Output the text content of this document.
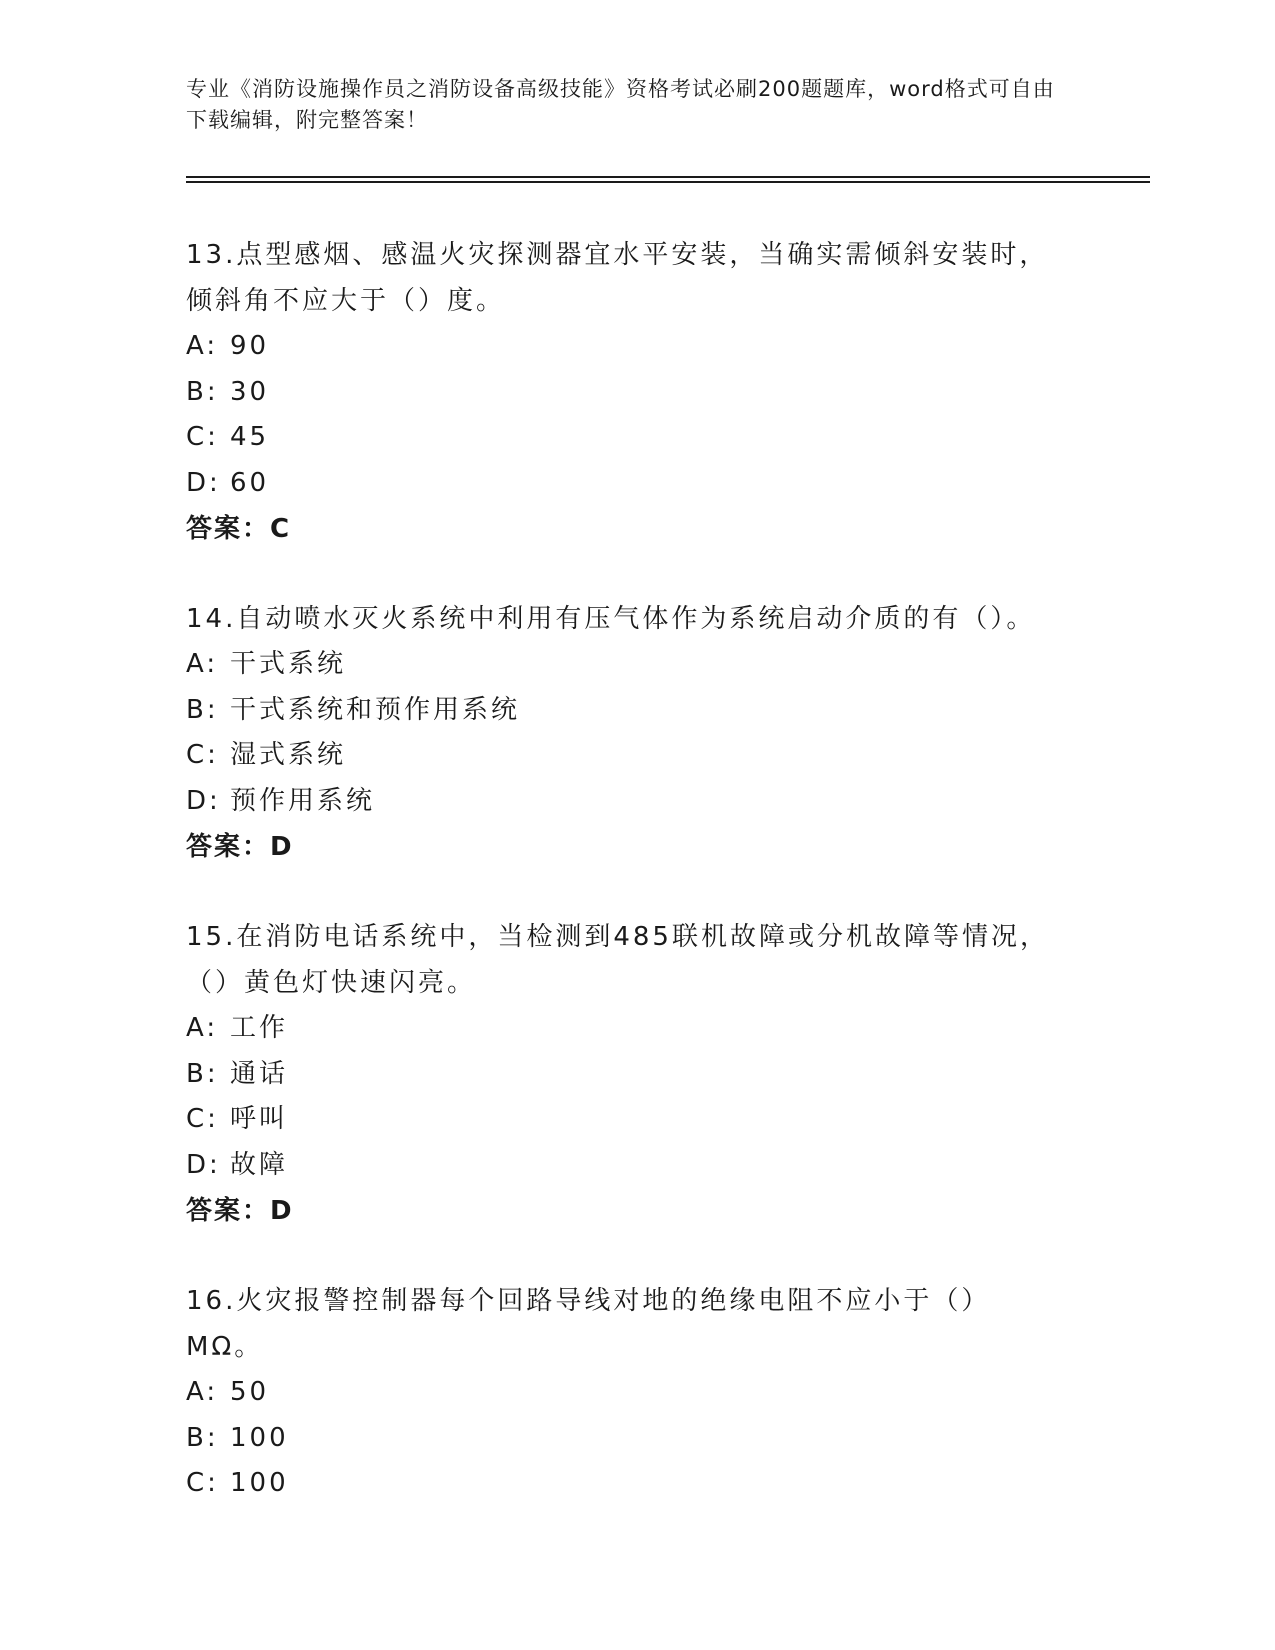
专业《消防设施操作员之消防设备高级技能》资格考试必刷200题题库，word格式可自由下载编辑，附完整答案！

13.点型感烟、感温火灾探测器宜水平安装，当确实需倾斜安装时，倾斜角不应大于（）度。

A: 90

B: 30

C: 45

D: 60

答案：C

14.自动喷水灭火系统中利用有压气体作为系统启动介质的有（）。

A: 干式系统

B: 干式系统和预作用系统

C: 湿式系统

D: 预作用系统

答案：D

15.在消防电话系统中，当检测到485联机故障或分机故障等情况，（）黄色灯快速闪亮。

A: 工作

B: 通话

C: 呼叫

D: 故障

答案：D

16.火灾报警控制器每个回路导线对地的绝缘电阻不应小于（）MΩ。

A: 50

B: 100

C: 100
